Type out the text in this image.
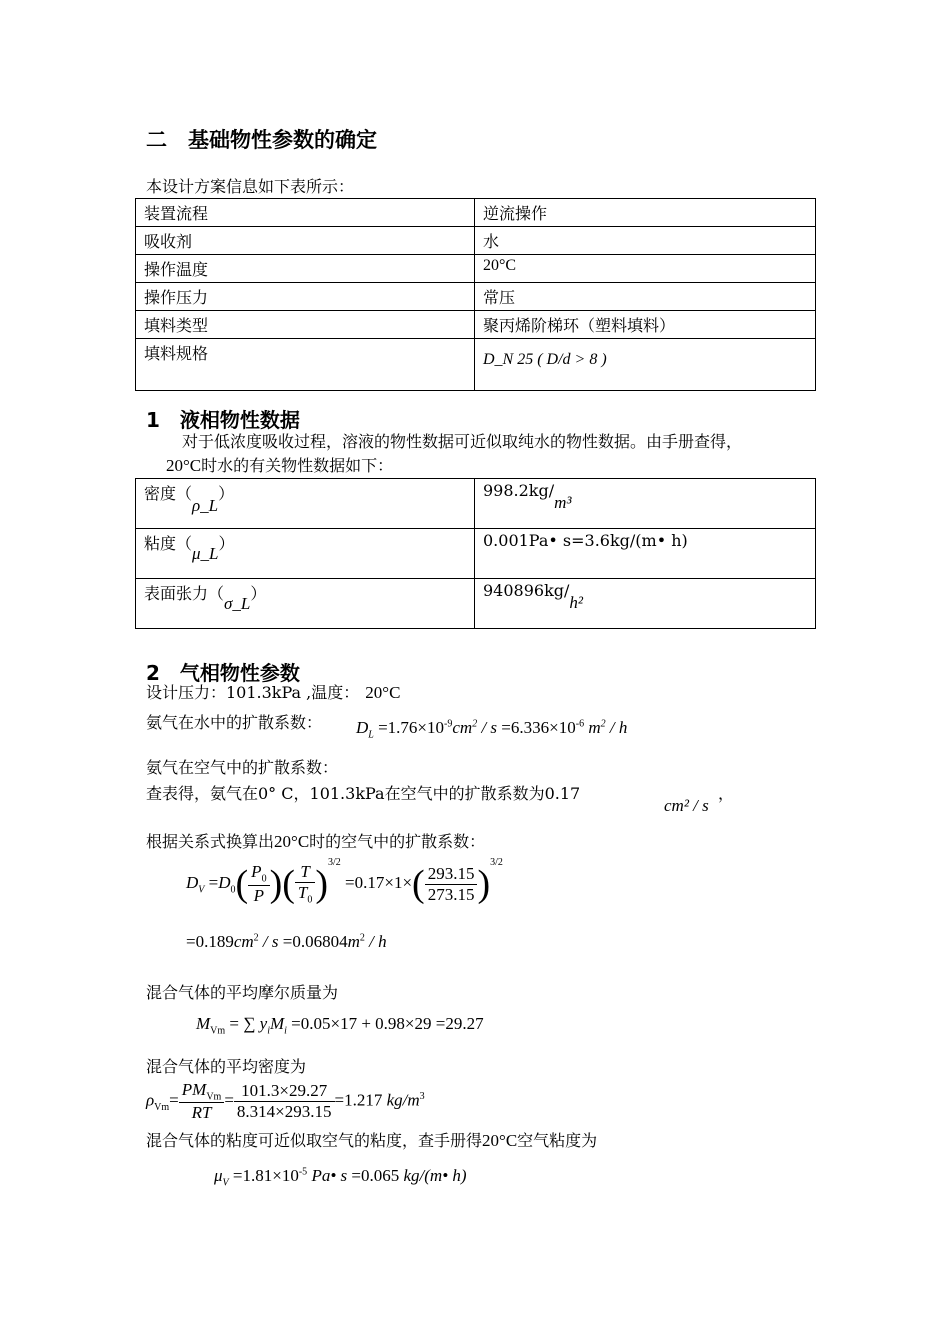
二　基础物性参数的确定
本设计方案信息如下表所示：
装置流程	逆流操作
吸收剂	水
操作温度	20°C
操作压力	常压
填料类型	聚丙烯阶梯环（塑料填料）
填料规格	D_N 25 ( D/d > 8 )
1　液相物性数据
对于低浓度吸收过程，溶液的物性数据可近似取纯水的物性数据。由手册查得，
20°C时水的有关物性数据如下：
密度（ρ_L）	998.2kg/m³
粘度（μ_L）	0.001Pa• s=3.6kg/(m• h)
表面张力（σ_L）	940896kg/h²
2　气相物性参数
设计压力：101.3kPa ,温度： 20°C
氨气在水中的扩散系数： $D_L =1.76\times 10^{-9}cm^2 / s =6.336\times 10^{-6}$ $m^2$ / h
氨气在空气中的扩散系数：
查表得，氨气在0° C，101.3kPa在空气中的扩散系数为0.17
cm² / s
，
根据关系式换算出20°C时的空气中的扩散系数：
$D_V =D_0( \frac{P_0}{P}$ )( $\frac{T}{T_0} )^{3/2} =0.17\times 1\times( \frac{293.15}{273.15} )^{3/2}$
$=0.189cm^2 / s =0.06804m^2 / h$
混合气体的平均摩尔质量为
$M_{Vm}$ = ∑ $y_iM_i =0.05\times 17 + 0.98\times 29 =29.27$
混合气体的平均密度为
$\rho_{Vm}= \frac{PM_{Vm}}{RT} = \frac{101.3\times 29.27}{8.314\times 293.15} =1.217$ $kg/m^3$
混合气体的粘度可近似取空气的粘度，查手册得20°C空气粘度为
$\mu_V =1.81\times 10^{-5}$ Pa• s =0.065 kg/(m• h)
